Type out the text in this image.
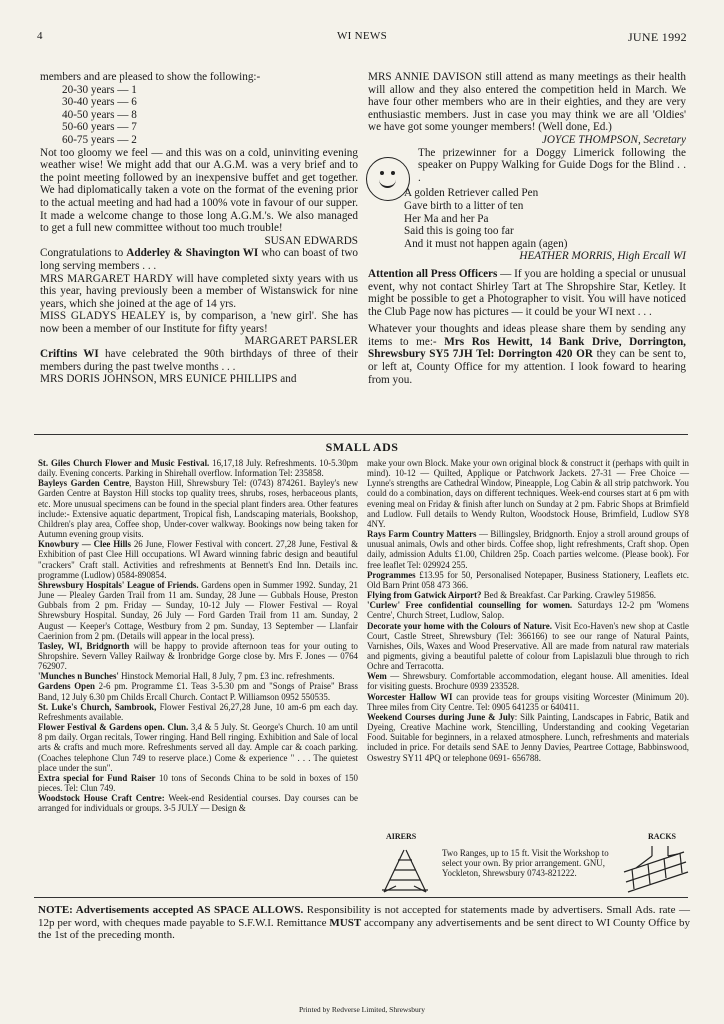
4	WI NEWS	JUNE 1992

members and are pleased to show the following:-

20-30 years — 1
30-40 years — 6
40-50 years — 8
50-60 years — 7
60-75 years — 2

Not too gloomy we feel — and this was on a cold, uninviting evening weather wise! We might add that our A.G.M. was a very brief and to the point meeting followed by an inexpensive buffet and get together. We had diplomatically taken a vote on the format of the evening prior to the actual meeting and had had a 100% vote in favour of our supper. It made a welcome change to those long A.G.M.'s. We also managed to get a full new committee without too much trouble!

SUSAN EDWARDS

Congratulations to Adderley & Shavington WI who can boast of two long serving members . . .

MRS MARGARET HARDY will have completed sixty years with us this year, having previously been a member of Wistanswick for nine years, which she joined at the age of 14 yrs.

MISS GLADYS HEALEY is, by comparison, a 'new girl'. She has now been a member of our Institute for fifty years!

MARGARET PARSLER

Criftins WI have celebrated the 90th birthdays of three of their members during the past twelve months . . .

MRS DORIS JOHNSON, MRS EUNICE PHILLIPS and

MRS ANNIE DAVISON still attend as many meetings as their health will allow and they also entered the competition held in March. We have four other members who are in their eighties, and they are very enthusiastic members. Just in case you may think we are all 'Oldies' we have got some younger members! (Well done, Ed.)

JOYCE THOMPSON, Secretary

The prizewinner for a Doggy Limerick following the speaker on Puppy Walking for Guide Dogs for the Blind . . .

A golden Retriever called Pen
Gave birth to a litter of ten
Her Ma and her Pa
Said this is going too far
And it must not happen again (agen)

HEATHER MORRIS, High Ercall WI

Attention all Press Officers — If you are holding a special or unusual event, why not contact Shirley Tart at The Shropshire Star, Ketley. It might be possible to get a Photographer to visit. You will have noticed the Club Page now has pictures — it could be your WI next . . .

Whatever your thoughts and ideas please share them by sending any items to me:- Mrs Ros Hewitt, 14 Bank Drive, Dorrington, Shrewsbury SY5 7JH Tel: Dorrington 420 OR they can be sent to, or left at, County Office for my attention. I look foward to hearing from you.

SMALL ADS

St. Giles Church Flower and Music Festival. 16,17,18 July. Refreshments. 10-5.30pm daily. Evening concerts. Parking in Shirehall overflow. Information Tel: 235858.

Bayleys Garden Centre, Bayston Hill, Shrewsbury Tel: (0743) 874261. Bayley's new Garden Centre at Bayston Hill stocks top quality trees, shrubs, roses, herbaceous plants, etc. More unusual specimens can be found in the special plant finders area. Other features include:- Extensive aquatic department, Tropical fish, Landscaping materials, Bookshop, Children's play area, Coffee shop, Under-cover walkway. Bookings now being taken for Autumn evening group visits.

Knowbury — Clee Hills 26 June, Flower Festival with concert. 27,28 June, Festival & Exhibition of past Clee Hill occupations. WI Award winning fabric design and beautiful "crackers" Craft stall. Activities and refreshments at Bennett's End Inn. Details inc. programme (Ludlow) 0584-890854.

Shrewsbury Hospitals' League of Friends. Gardens open in Summer 1992. Sunday, 21 June — Plealey Garden Trail from 11 am. Sunday, 28 June — Gubbals House, Preston Gubbals from 2 pm. Friday — Sunday, 10-12 July — Flower Festival — Royal Shrewsbury Hospital. Sunday, 26 July — Ford Garden Trail from 11 am. Sunday, 2 August — Keeper's Cottage, Westbury from 2 pm. Sunday, 13 September — Llanfair Caerinion from 2 pm. (Details will appear in the local press).

Tasley, WI, Bridgnorth will be happy to provide afternoon teas for your outing to Shropshire. Severn Valley Railway & Ironbridge Gorge close by. Mrs F. Jones — 0764 762907.

'Munches n Bunches' Hinstock Memorial Hall, 8 July, 7 pm. £3 inc. refreshments.

Gardens Open 2-6 pm. Programme £1. Teas 3-5.30 pm and "Songs of Praise" Brass Band, 12 July 6.30 pm Childs Ercall Church. Contact P. Williamson 0952 550535.

St. Luke's Church, Sambrook, Flower Festival 26,27,28 June, 10 am-6 pm each day. Refreshments available.

Flower Festival & Gardens open. Clun. 3,4 & 5 July. St. George's Church. 10 am until 8 pm daily. Organ recitals, Tower ringing. Hand Bell ringing. Exhibition and Sale of local arts & crafts and much more. Refreshments served all day. Ample car & coach parking. (Coaches telephone Clun 749 to reserve place.) Come & experience " . . . The quietest place under the sun".

Extra special for Fund Raiser 10 tons of Seconds China to be sold in boxes of 150 pieces. Tel: Clun 749.

Woodstock House Craft Centre: Week-end Residential courses. Day courses can be arranged for individuals or groups. 3-5 JULY — Design &

make your own Block. Make your own original block & construct it (perhaps with quilt in mind). 10-12 — Quilted, Applique or Patchwork Jackets. 27-31 — Free Choice — Lynne's strengths are Cathedral Window, Pineapple, Log Cabin & all strip patchwork. You could do a combination, days on different techniques. Week-end courses start at 6 pm with evening meal on Friday & finish after lunch on Sunday at 2 pm. Fabric Shops at Brimfield and Ludlow. Full details to Wendy Rulton, Woodstock House, Brimfield, Ludlow SY8 4NY.

Rays Farm Country Matters — Billingsley, Bridgnorth. Enjoy a stroll around groups of unusual animals, Owls and other birds. Coffee shop, light refreshments, Craft shop. Open daily, admission Adults £1.00, Children 25p. Coach parties welcome. (Please book). For free leaflet Tel: 029924 255.

Programmes £13.95 for 50, Personalised Notepaper, Business Stationery, Leaflets etc. Old Barn Print 058 473 366.

Flying from Gatwick Airport? Bed & Breakfast. Car Parking. Crawley 519856.

'Curlew' Free confidential counselling for women. Saturdays 12-2 pm 'Womens Centre', Church Street, Ludlow, Salop.

Decorate your home with the Colours of Nature. Visit Eco-Haven's new shop at Castle Court, Castle Street, Shrewsbury (Tel: 366166) to see our range of Natural Paints, Varnishes, Oils, Waxes and Wood Preservative. All are made from natural raw materials and pigments, giving a beautiful palette of colour from Lapislazuli blue through to rich Ochre and Terracotta.

Wem — Shrewsbury. Comfortable accommodation, elegant house. All amenities. Ideal for visiting guests. Brochure 0939 233528.

Worcester Hallow WI can provide teas for groups visiting Worcester (Minimum 20). Three miles from City Centre. Tel: 0905 641235 or 640411.

Weekend Courses during June & July: Silk Painting, Landscapes in Fabric, Batik and Dyeing, Creative Machine work, Stencilling, Understanding and cooking Vegetarian Food. Suitable for beginners, in a relaxed atmosphere. Lunch, refreshments and materials included in price. For details send SAE to Jenny Davies, Peartree Cottage, Babbinswood, Oswestry SY11 4PQ or telephone 0691- 656788.

AIRERS	RACKS
Two Ranges, up to 15 ft. Visit the Workshop to select your own. By prior arrangement. GNU, Yockleton, Shrewsbury 0743-821222.
NOTE: Advertisements accepted AS SPACE ALLOWS. Responsibility is not accepted for statements made by advertisers. Small Ads. rate — 12p per word, with cheques made payable to S.F.W.I. Remittance MUST accompany any advertisements and be sent direct to WI County Office by the 1st of the preceding month.
Printed by Redverse Limited, Shrewsbury
